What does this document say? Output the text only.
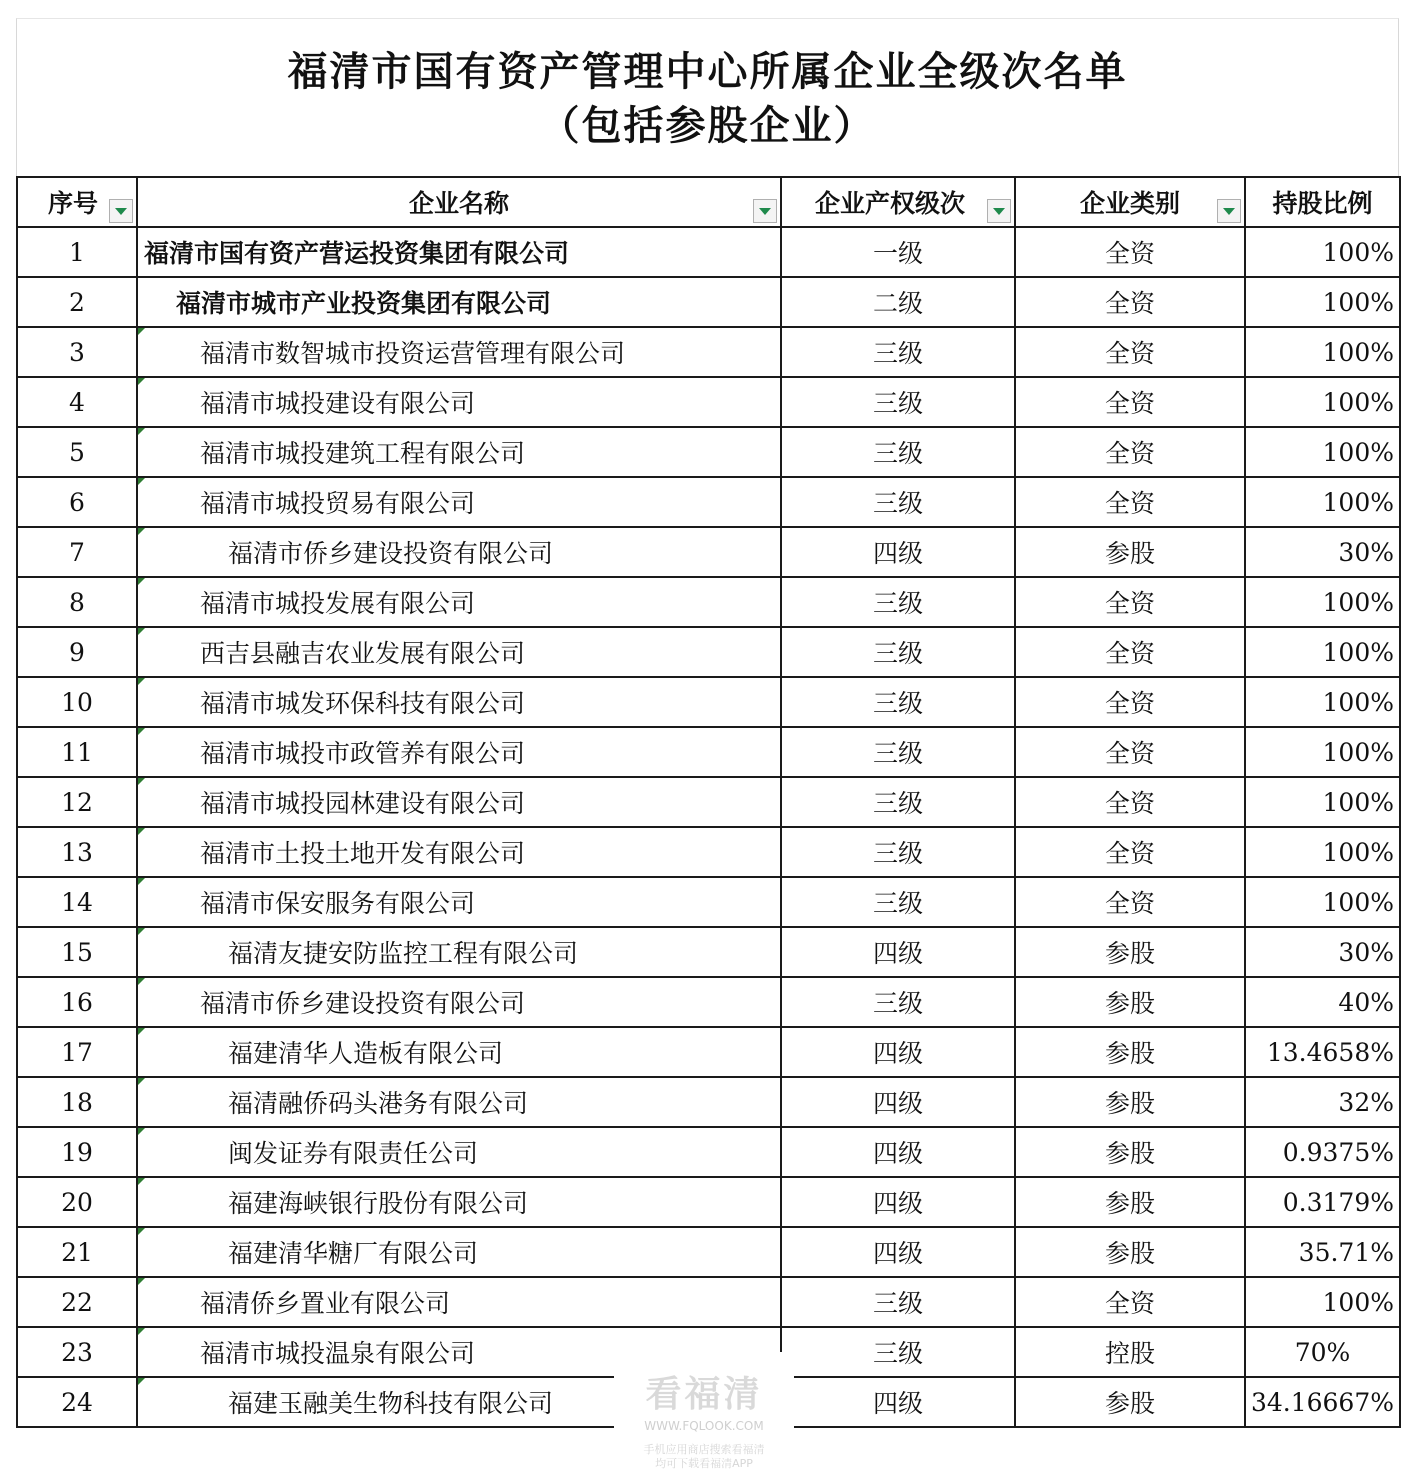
福清市国有资产管理中心所属企业全级次名单
（包括参股企业）
序号	企业名称	企业产权级次	企业类别	持股比例

1	福清市国有资产营运投资集团有限公司	一级	全资	100%
2	福清市城市产业投资集团有限公司	二级	全资	100%
3	福清市数智城市投资运营管理有限公司	三级	全资	100%
4	福清市城投建设有限公司	三级	全资	100%
5	福清市城投建筑工程有限公司	三级	全资	100%
6	福清市城投贸易有限公司	三级	全资	100%
7	福清市侨乡建设投资有限公司	四级	参股	30%
8	福清市城投发展有限公司	三级	全资	100%
9	西吉县融吉农业发展有限公司	三级	全资	100%
10	福清市城发环保科技有限公司	三级	全资	100%
11	福清市城投市政管养有限公司	三级	全资	100%
12	福清市城投园林建设有限公司	三级	全资	100%
13	福清市土投土地开发有限公司	三级	全资	100%
14	福清市保安服务有限公司	三级	全资	100%
15	福清友捷安防监控工程有限公司	四级	参股	30%
16	福清市侨乡建设投资有限公司	三级	参股	40%
17	福建清华人造板有限公司	四级	参股	13.4658%
18	福清融侨码头港务有限公司	四级	参股	32%
19	闽发证券有限责任公司	四级	参股	0.9375%
20	福建海峡银行股份有限公司	四级	参股	0.3179%
21	福建清华糖厂有限公司	四级	参股	35.71%
22	福清侨乡置业有限公司	三级	全资	100%
23	福清市城投温泉有限公司	三级	控股	70%
24	福建玉融美生物科技有限公司	四级	参股	34.16667%
看福清
WWW.FQLOOK.COM
手机应用商店搜索看福清
均可下载看福清APP
